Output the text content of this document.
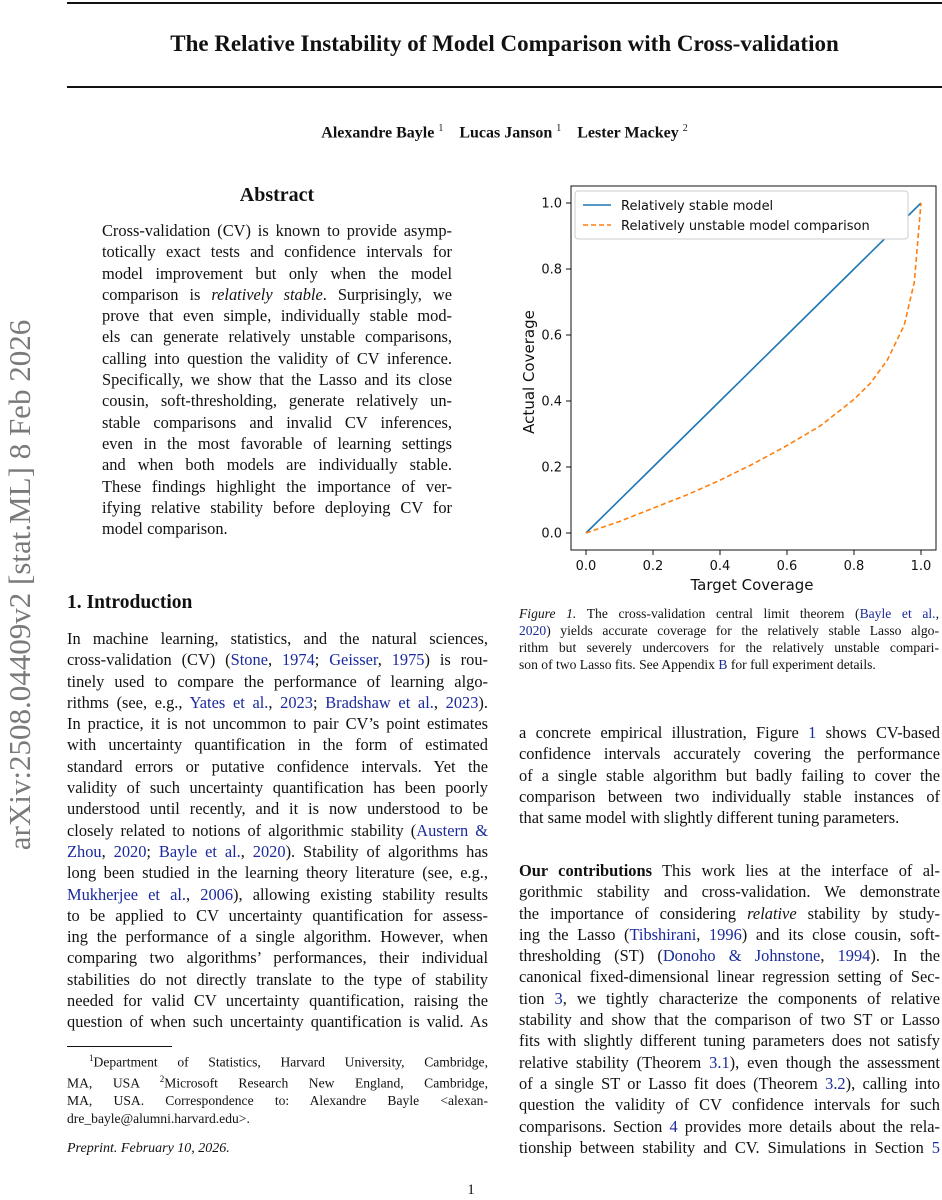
The Relative Instability of Model Comparison with Cross-validation
Alexandre Bayle $^1$ Lucas Janson $^1$ Lester Mackey $^2$
arXiv:2508.04409v2 [stat.ML] 8 Feb 2026
Abstract
Cross-validation (CV) is known to provide asymp-
totically exact tests and confidence intervals for
model improvement but only when the model
comparison is relatively stable. Surprisingly, we
prove that even simple, individually stable mod-
els can generate relatively unstable comparisons,
calling into question the validity of CV inference.
Specifically, we show that the Lasso and its close
cousin, soft-thresholding, generate relatively un-
stable comparisons and invalid CV inferences,
even in the most favorable of learning settings
and when both models are individually stable.
These findings highlight the importance of ver-
ifying relative stability before deploying CV for
model comparison.
1. Introduction
In machine learning, statistics, and the natural sciences,
cross-validation (CV) (Stone, 1974; Geisser, 1975) is rou-
tinely used to compare the performance of learning algo-
rithms (see, e.g., Yates et al., 2023; Bradshaw et al., 2023).
In practice, it is not uncommon to pair CV’s point estimates
with uncertainty quantification in the form of estimated
standard errors or putative confidence intervals. Yet the
validity of such uncertainty quantification has been poorly
understood until recently, and it is now understood to be
closely related to notions of algorithmic stability (Austern &
Zhou, 2020; Bayle et al., 2020). Stability of algorithms has
long been studied in the learning theory literature (see, e.g.,
Mukherjee et al., 2006), allowing existing stability results
to be applied to CV uncertainty quantification for assess-
ing the performance of a single algorithm. However, when
comparing two algorithms’ performances, their individual
stabilities do not directly translate to the type of stability
needed for valid CV uncertainty quantification, raising the
question of when such uncertainty quantification is valid. As
$^1$Department of Statistics, Harvard University, Cambridge,
MA, USA $^2$Microsoft Research New England, Cambridge,
MA, USA. Correspondence to: Alexandre Bayle <alexan-
dre_bayle@alumni.harvard.edu>.
Preprint. February 10, 2026.
0.0	0.2	0.4	0.6	0.8	1.0
0.0
0.2
0.4
0.6
0.8
1.0	Relatively stable model
Relatively unstable model comparison
Target Coverage
Actual Coverage
Figure 1. The cross-validation central limit theorem (Bayle et al.,
2020) yields accurate coverage for the relatively stable Lasso algo-
rithm but severely undercovers for the relatively unstable compari-
son of two Lasso fits. See Appendix B for full experiment details.
a concrete empirical illustration, Figure 1 shows CV-based
confidence intervals accurately covering the performance
of a single stable algorithm but badly failing to cover the
comparison between two individually stable instances of
that same model with slightly different tuning parameters.
Our contributions This work lies at the interface of al-
gorithmic stability and cross-validation. We demonstrate
the importance of considering relative stability by study-
ing the Lasso (Tibshirani, 1996) and its close cousin, soft-
thresholding (ST) (Donoho & Johnstone, 1994). In the
canonical fixed-dimensional linear regression setting of Sec-
tion 3, we tightly characterize the components of relative
stability and show that the comparison of two ST or Lasso
fits with slightly different tuning parameters does not satisfy
relative stability (Theorem 3.1), even though the assessment
of a single ST or Lasso fit does (Theorem 3.2), calling into
question the validity of CV confidence intervals for such
comparisons. Section 4 provides more details about the rela-
tionship between stability and CV. Simulations in Section 5
1
